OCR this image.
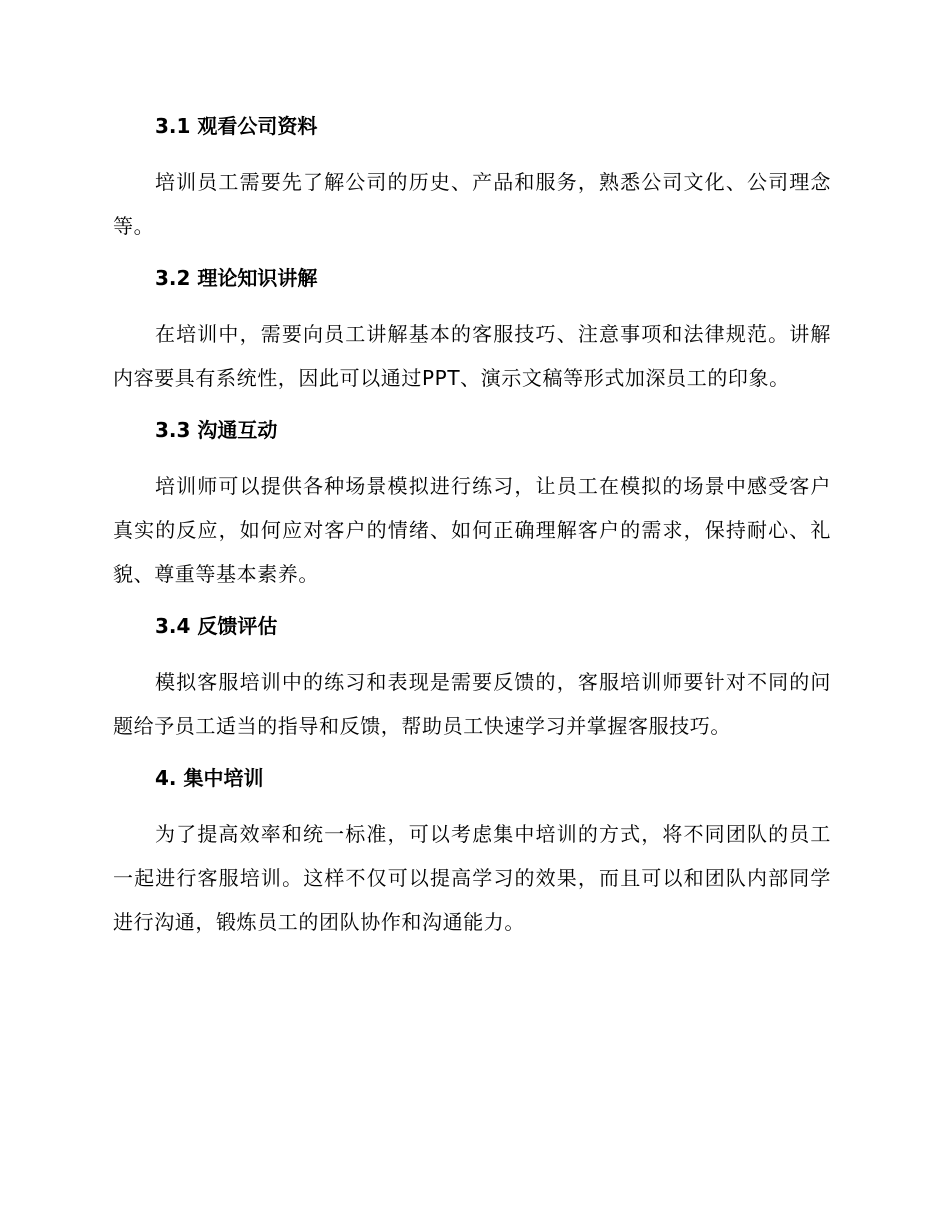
3.1 观看公司资料
培训员工需要先了解公司的历史、产品和服务，熟悉公司文化、公司理念等。
3.2 理论知识讲解
在培训中，需要向员工讲解基本的客服技巧、注意事项和法律规范。讲解内容要具有系统性，因此可以通过PPT、演示文稿等形式加深员工的印象。
3.3 沟通互动
培训师可以提供各种场景模拟进行练习，让员工在模拟的场景中感受客户真实的反应，如何应对客户的情绪、如何正确理解客户的需求，保持耐心、礼貌、尊重等基本素养。
3.4 反馈评估
模拟客服培训中的练习和表现是需要反馈的，客服培训师要针对不同的问题给予员工适当的指导和反馈，帮助员工快速学习并掌握客服技巧。
4. 集中培训
为了提高效率和统一标准，可以考虑集中培训的方式，将不同团队的员工一起进行客服培训。这样不仅可以提高学习的效果，而且可以和团队内部同学进行沟通，锻炼员工的团队协作和沟通能力。
